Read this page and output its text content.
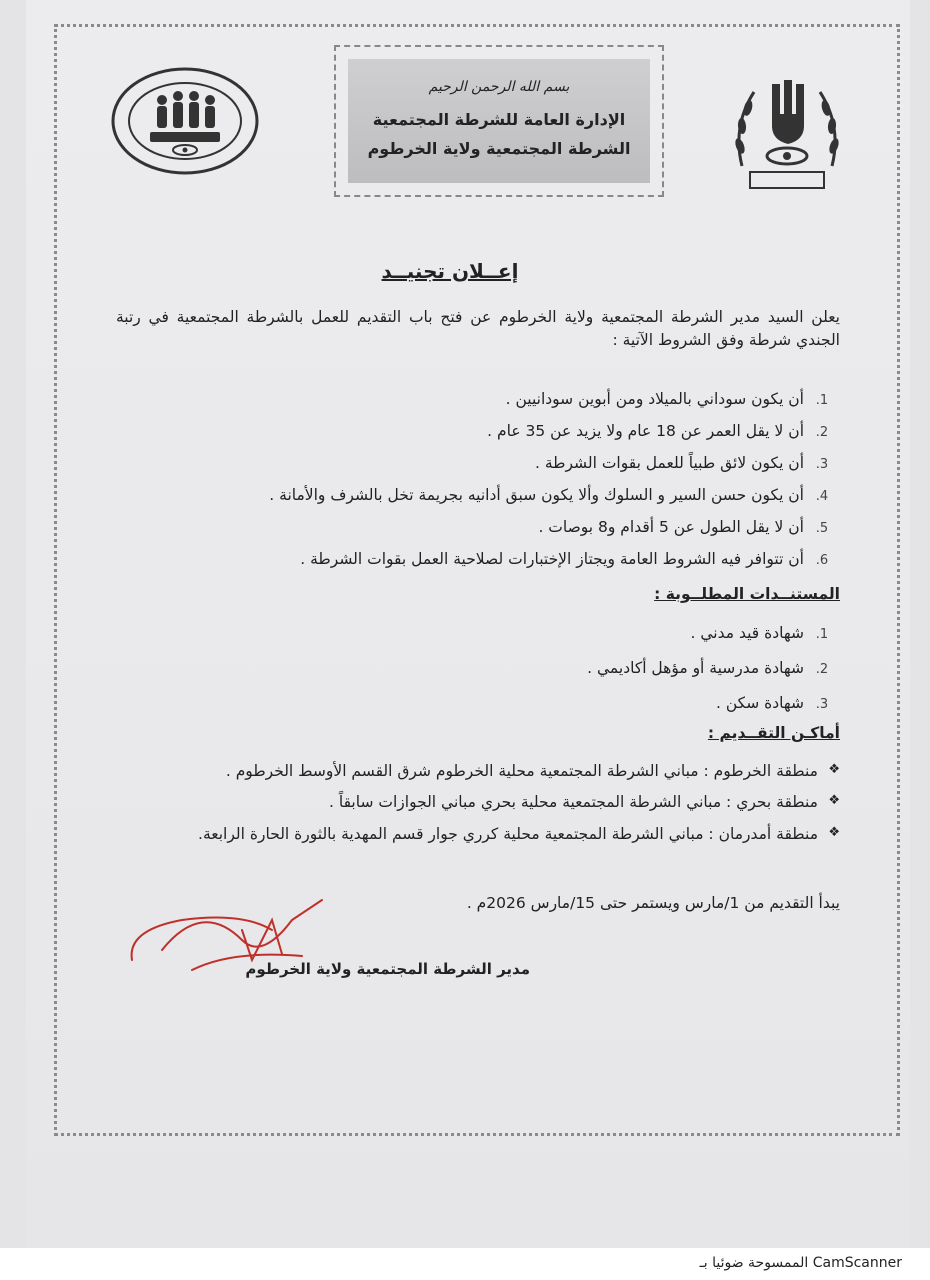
بسم الله الرحمن الرحيم
الإدارة العامة للشرطة المجتمعية
الشرطة المجتمعية ولاية الخرطوم
إعــلان تجنيــد
يعلن السيد مدير الشرطة المجتمعية ولاية الخرطوم عن فتح باب التقديم للعمل بالشرطة المجتمعية في رتبة الجندي شرطة وفق الشروط الآتية :
1.
أن يكون سوداني بالميلاد ومن أبوين سودانيين .
2.
أن لا يقل العمر عن 18 عام ولا يزيد عن 35 عام .
3.
أن يكون لائق طبياً للعمل بقوات الشرطة .
4.
أن يكون حسن السير و السلوك وألا يكون سبق أدانيه بجريمة تخل بالشرف والأمانة .
5.
أن لا يقل الطول عن 5 أقدام و8 بوصات .
6.
أن تتوافر فيه الشروط العامة ويجتاز الإختبارات لصلاحية العمل بقوات الشرطة .
المستنــدات المطلــوبة :
1.
شهادة قيد مدني .
2.
شهادة مدرسية أو مؤهل أكاديمي .
3.
شهادة سكن .
أماكـن التقــديم :
❖
منطقة الخرطوم : مباني الشرطة المجتمعية محلية الخرطوم شرق القسم الأوسط الخرطوم .
❖
منطقة بحري : مباني الشرطة المجتمعية محلية بحري مباني الجوازات سابقاً .
❖
منطقة أمدرمان : مباني الشرطة المجتمعية محلية كرري جوار قسم المهدية بالثورة الحارة الرابعة.
يبدأ التقديم من 1/مارس ويستمر حتى 15/مارس 2026م .
مدير الشرطة المجتمعية ولاية الخرطوم
الممسوحة ضوئيا بـ CamScanner
